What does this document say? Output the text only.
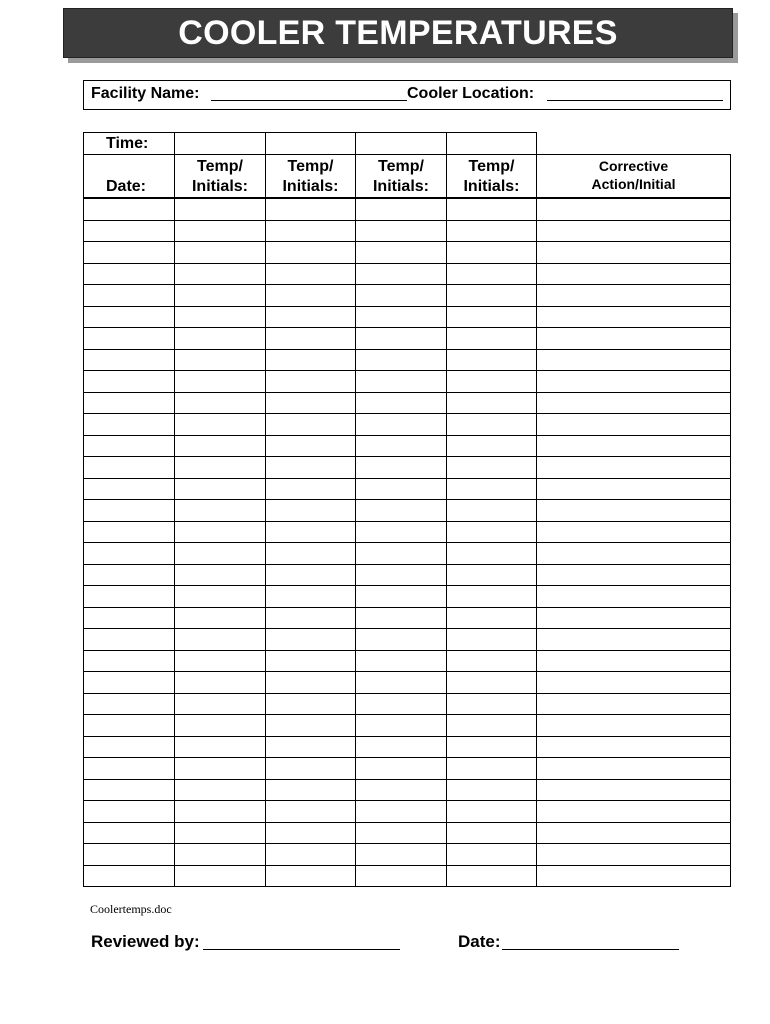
COOLER TEMPERATURES
Facility Name:	Cooler Location:
Time:
Date:
Temp/
Initials:
Temp/
Initials:
Temp/
Initials:
Temp/
Initials:
Corrective
Action/Initial
Coolertemps.doc
Reviewed by:	Date:
